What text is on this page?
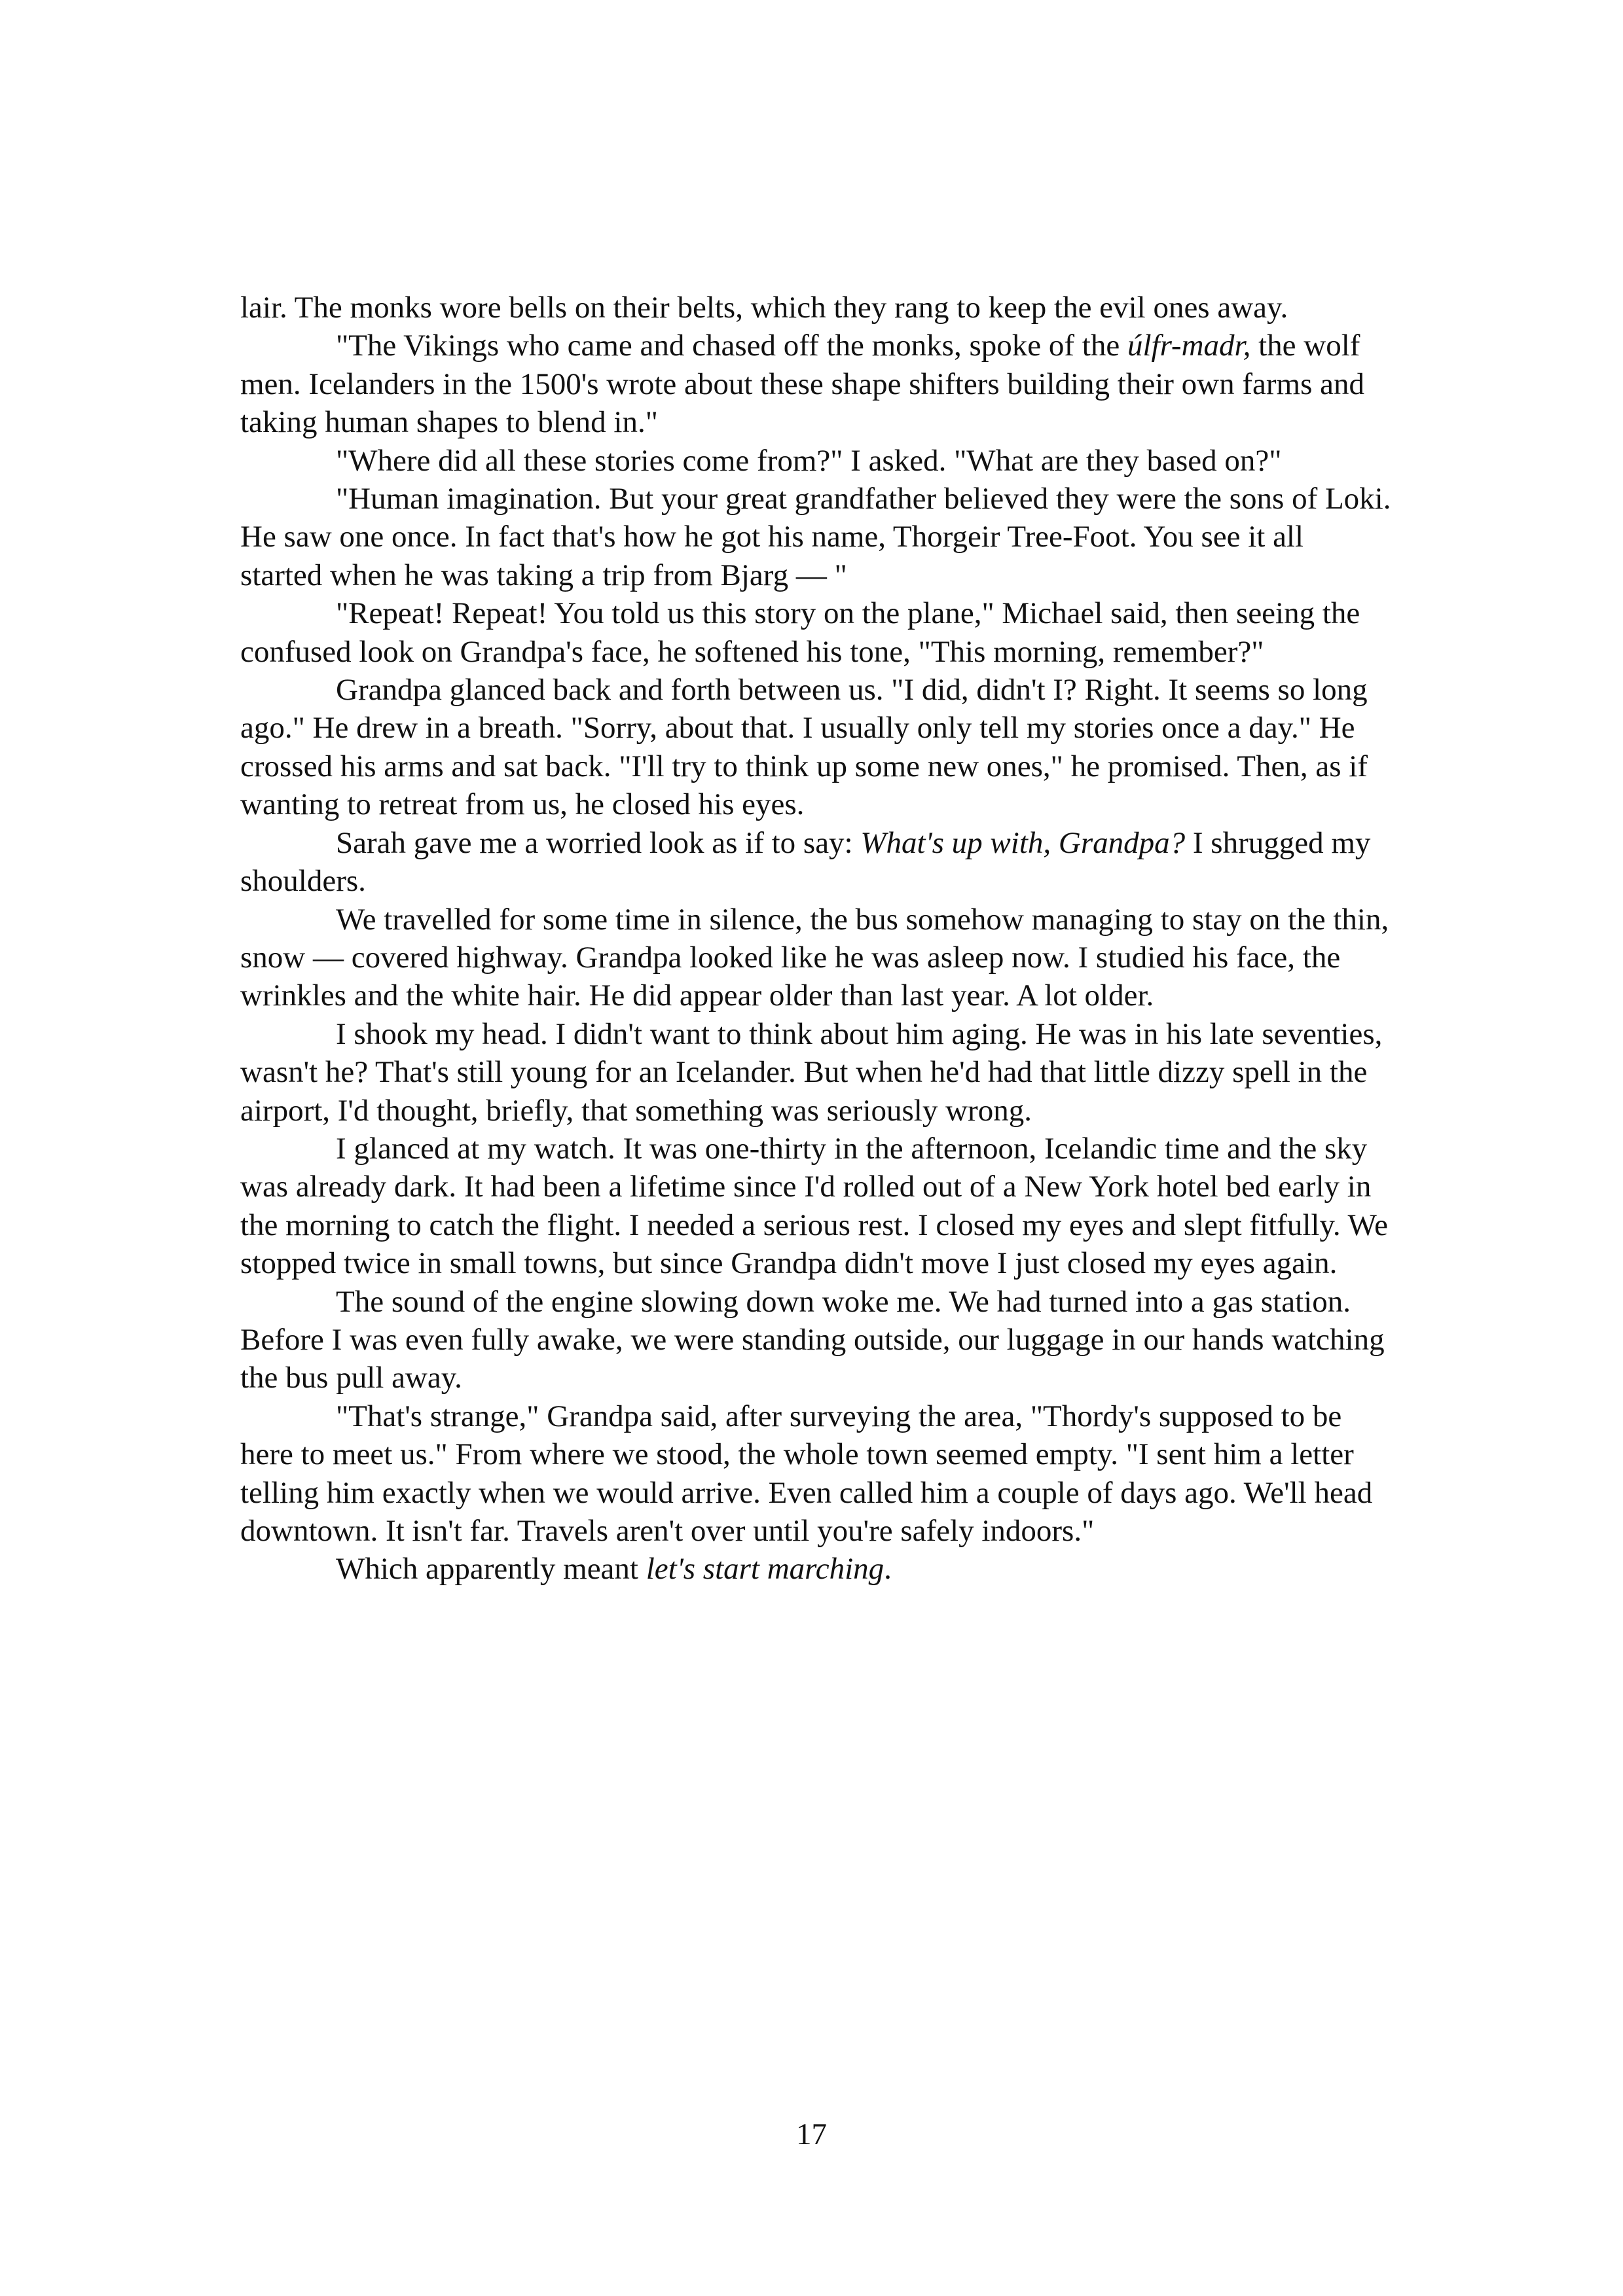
lair. The monks wore bells on their belts, which they rang to keep the evil ones away.

"The Vikings who came and chased off the monks, spoke of the úlfr-madr, the wolf men. Icelanders in the 1500's wrote about these shape shifters building their own farms and taking human shapes to blend in."

"Where did all these stories come from?" I asked. "What are they based on?"

"Human imagination. But your great grandfather believed they were the sons of Loki. He saw one once. In fact that's how he got his name, Thorgeir Tree-Foot. You see it all started when he was taking a trip from Bjarg — "

"Repeat! Repeat! You told us this story on the plane," Michael said, then seeing the confused look on Grandpa's face, he softened his tone, "This morning, remember?"

Grandpa glanced back and forth between us. "I did, didn't I? Right. It seems so long ago." He drew in a breath. "Sorry, about that. I usually only tell my stories once a day." He crossed his arms and sat back. "I'll try to think up some new ones," he promised. Then, as if wanting to retreat from us, he closed his eyes.

Sarah gave me a worried look as if to say: What's up with, Grandpa? I shrugged my shoulders.

We travelled for some time in silence, the bus somehow managing to stay on the thin, snow — covered highway. Grandpa looked like he was asleep now. I studied his face, the wrinkles and the white hair. He did appear older than last year. A lot older.

I shook my head. I didn't want to think about him aging. He was in his late seventies, wasn't he? That's still young for an Icelander. But when he'd had that little dizzy spell in the airport, I'd thought, briefly, that something was seriously wrong.

I glanced at my watch. It was one-thirty in the afternoon, Icelandic time and the sky was already dark. It had been a lifetime since I'd rolled out of a New York hotel bed early in the morning to catch the flight. I needed a serious rest. I closed my eyes and slept fitfully. We stopped twice in small towns, but since Grandpa didn't move I just closed my eyes again.

The sound of the engine slowing down woke me. We had turned into a gas station. Before I was even fully awake, we were standing outside, our luggage in our hands watching the bus pull away.

"That's strange," Grandpa said, after surveying the area, "Thordy's supposed to be here to meet us." From where we stood, the whole town seemed empty. "I sent him a letter telling him exactly when we would arrive. Even called him a couple of days ago. We'll head downtown. It isn't far. Travels aren't over until you're safely indoors."

Which apparently meant let's start marching.

17
